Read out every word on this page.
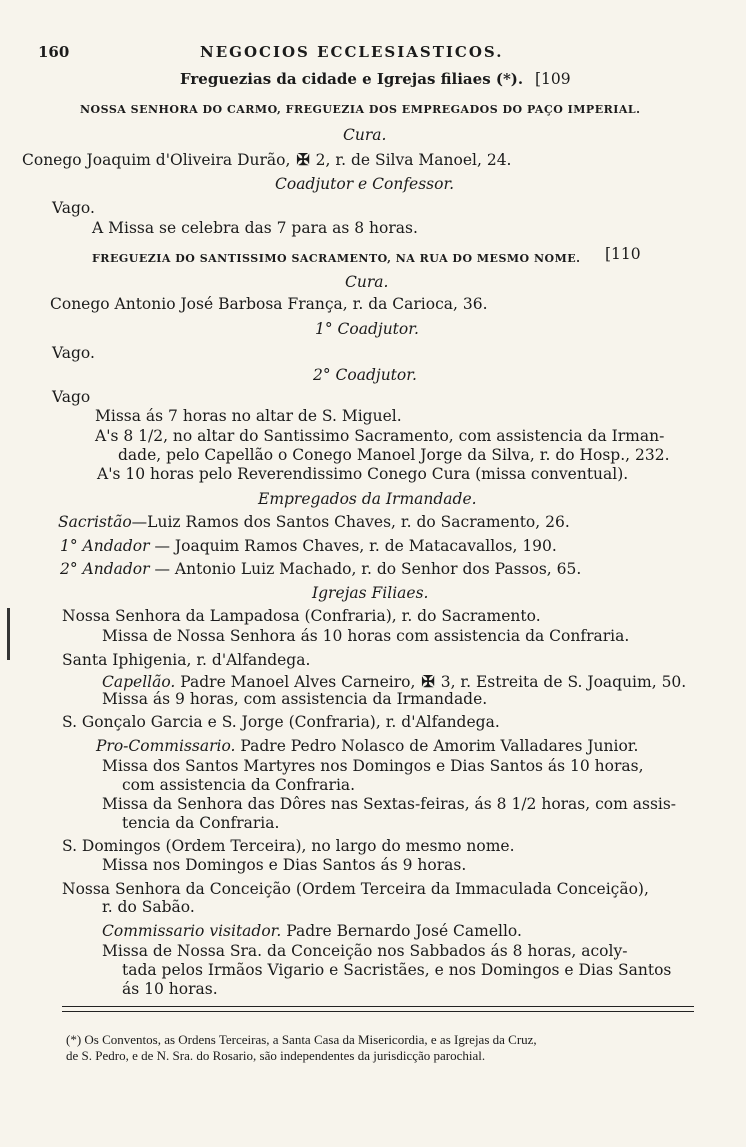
160	NEGOCIOS ECCLESIASTICOS.
Freguezias da cidade e Igrejas filiaes (*). [109
NOSSA SENHORA DO CARMO, FREGUEZIA DOS EMPREGADOS DO PAÇO IMPERIAL.
Cura.
Conego Joaquim d'Oliveira Durão, ✠ 2, r. de Silva Manoel, 24.
Coadjutor e Confessor.
Vago.
A Missa se celebra das 7 para as 8 horas.
FREGUEZIA DO SANTISSIMO SACRAMENTO, NA RUA DO MESMO NOME. [110
Cura.
Conego Antonio José Barbosa França, r. da Carioca, 36.
1° Coadjutor.
Vago.
2° Coadjutor.
Vago
Missa ás 7 horas no altar de S. Miguel.
A's 8 1/2, no altar do Santissimo Sacramento, com assistencia da Irman-
dade, pelo Capellão o Conego Manoel Jorge da Silva, r. do Hosp., 232.
A's 10 horas pelo Reverendissimo Conego Cura (missa conventual).
Empregados da Irmandade.
Sacristão—Luiz Ramos dos Santos Chaves, r. do Sacramento, 26.
1° Andador — Joaquim Ramos Chaves, r. de Matacavallos, 190.
2° Andador — Antonio Luiz Machado, r. do Senhor dos Passos, 65.
Igrejas Filiaes.
Nossa Senhora da Lampadosa (Confraria), r. do Sacramento.
Missa de Nossa Senhora ás 10 horas com assistencia da Confraria.
Santa Iphigenia, r. d'Alfandega.
Capellão. Padre Manoel Alves Carneiro, ✠ 3, r. Estreita de S. Joaquim, 50.
Missa ás 9 horas, com assistencia da Irmandade.
S. Gonçalo Garcia e S. Jorge (Confraria), r. d'Alfandega.
Pro-Commissario. Padre Pedro Nolasco de Amorim Valladares Junior.
Missa dos Santos Martyres nos Domingos e Dias Santos ás 10 horas,
com assistencia da Confraria.
Missa da Senhora das Dôres nas Sextas-feiras, ás 8 1/2 horas, com assis-
tencia da Confraria.
S. Domingos (Ordem Terceira), no largo do mesmo nome.
Missa nos Domingos e Dias Santos ás 9 horas.
Nossa Senhora da Conceição (Ordem Terceira da Immaculada Conceição),
r. do Sabão.
Commissario visitador. Padre Bernardo José Camello.
Missa de Nossa Sra. da Conceição nos Sabbados ás 8 horas, acoly-
tada pelos Irmãos Vigario e Sacristães, e nos Domingos e Dias Santos
ás 10 horas.
(*) Os Conventos, as Ordens Terceiras, a Santa Casa da Misericordia, e as Igrejas da Cruz,
de S. Pedro, e de N. Sra. do Rosario, são independentes da jurisdicção parochial.
